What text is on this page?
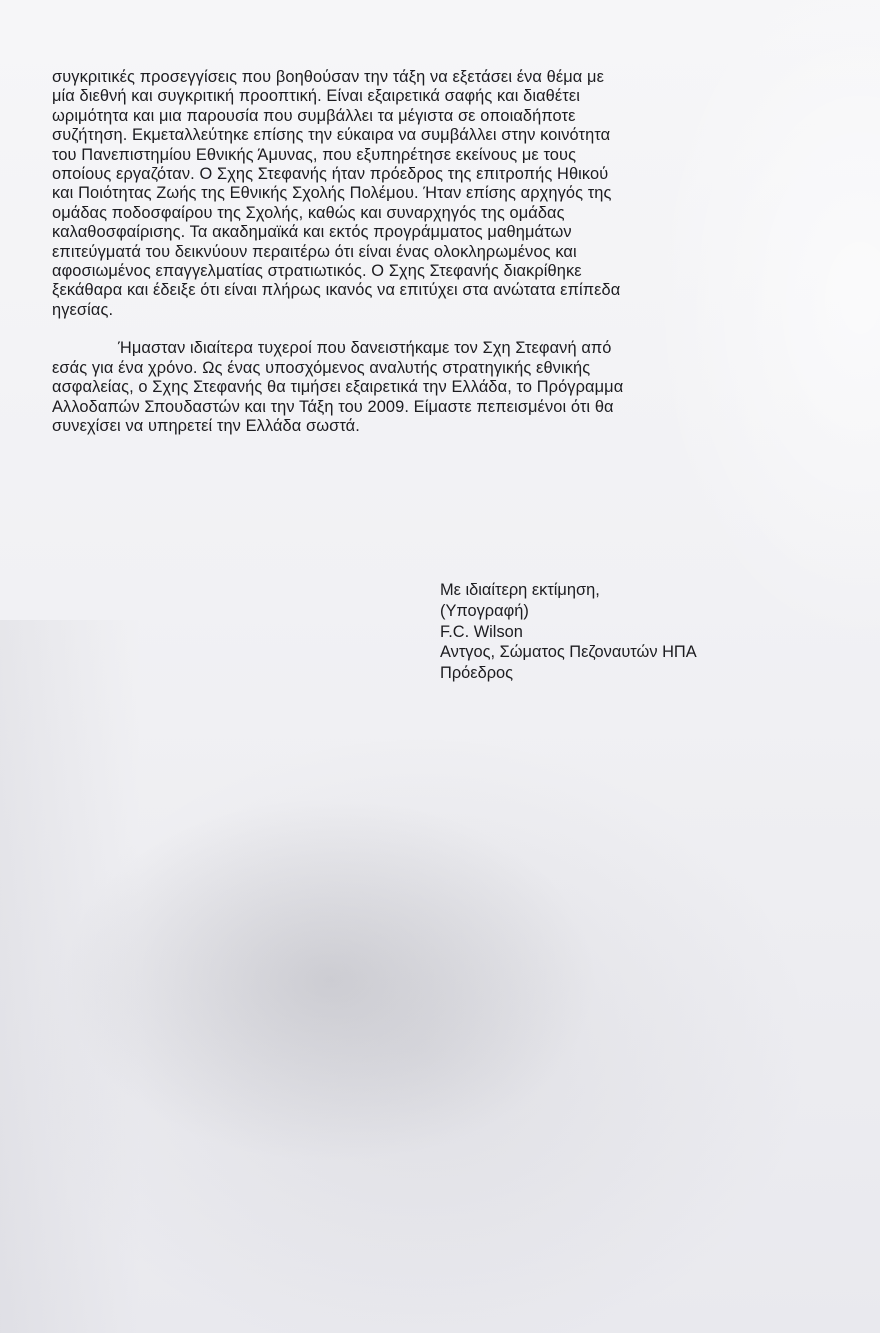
συγκριτικές προσεγγίσεις που βοηθούσαν την τάξη να εξετάσει ένα θέμα με
μία διεθνή και συγκριτική προοπτική. Είναι εξαιρετικά σαφής και διαθέτει
ωριμότητα και μια παρουσία που συμβάλλει τα μέγιστα σε οποιαδήποτε
συζήτηση. Εκμεταλλεύτηκε επίσης την εύκαιρα να συμβάλλει στην κοινότητα
του Πανεπιστημίου Εθνικής Άμυνας, που εξυπηρέτησε εκείνους με τους
οποίους εργαζόταν. Ο Σχης Στεφανής ήταν πρόεδρος της επιτροπής Ηθικού
και Ποιότητας Ζωής της Εθνικής Σχολής Πολέμου. Ήταν επίσης αρχηγός της
ομάδας ποδοσφαίρου της Σχολής, καθώς και συναρχηγός της ομάδας
καλαθοσφαίρισης. Τα ακαδημαϊκά και εκτός προγράμματος μαθημάτων
επιτεύγματά του δεικνύουν περαιτέρω ότι είναι ένας ολοκληρωμένος και
αφοσιωμένος επαγγελματίας στρατιωτικός. Ο Σχης Στεφανής διακρίθηκε
ξεκάθαρα και έδειξε ότι είναι πλήρως ικανός να επιτύχει στα ανώτατα επίπεδα
ηγεσίας.
Ήμασταν ιδιαίτερα τυχεροί που δανειστήκαμε τον Σχη Στεφανή από
εσάς για ένα χρόνο. Ως ένας υποσχόμενος αναλυτής στρατηγικής εθνικής
ασφαλείας, ο Σχης Στεφανής θα τιμήσει εξαιρετικά την Ελλάδα, το Πρόγραμμα
Αλλοδαπών Σπουδαστών και την Τάξη του 2009. Είμαστε πεπεισμένοι ότι θα
συνεχίσει να υπηρετεί την Ελλάδα σωστά.
Με ιδιαίτερη εκτίμηση,
(Υπογραφή)
F.C. Wilson
Αντγος, Σώματος Πεζοναυτών ΗΠΑ
Πρόεδρος
